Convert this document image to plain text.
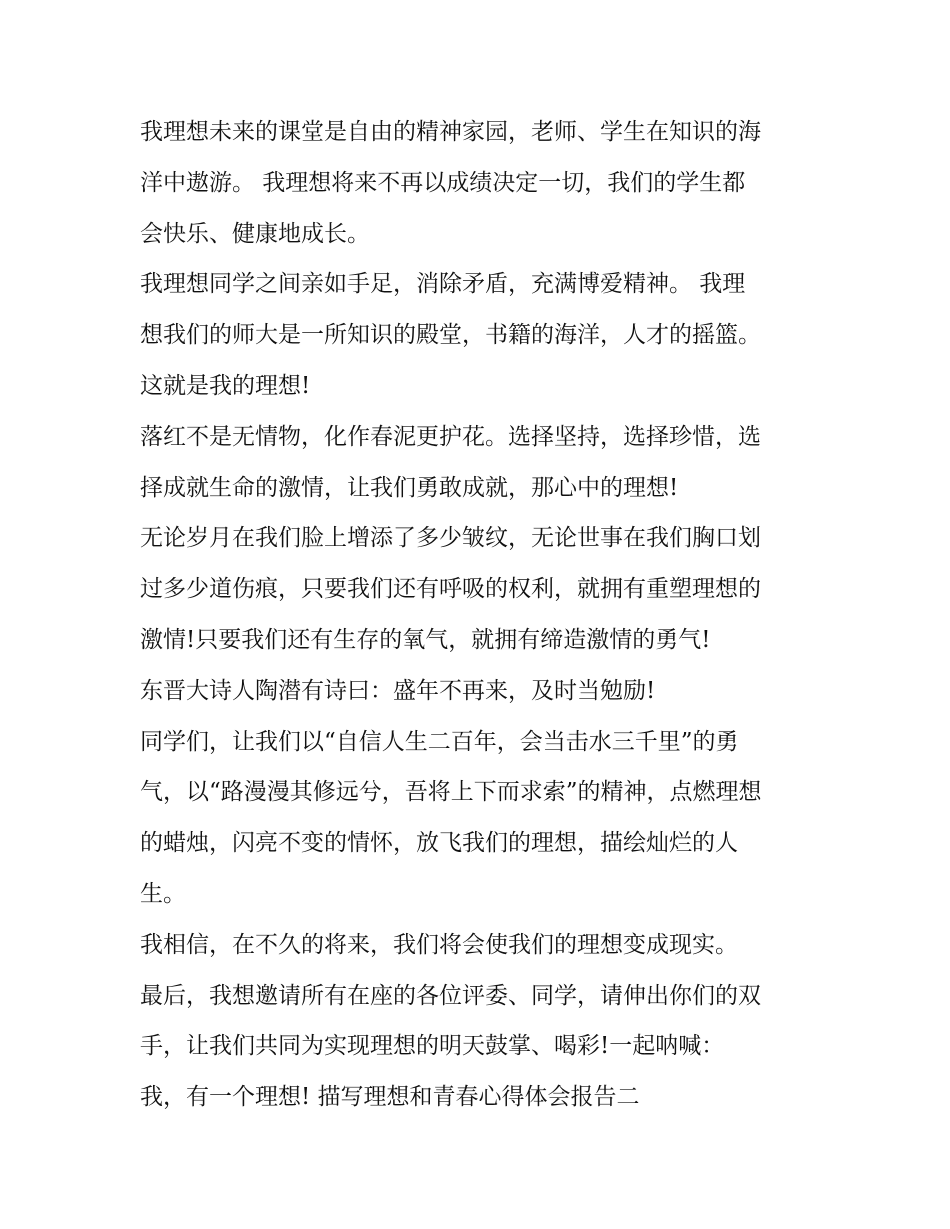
我理想未来的课堂是自由的精神家园，老师、学生在知识的海
洋中遨游。 我理想将来不再以成绩决定一切，我们的学生都
会快乐、健康地成长。
我理想同学之间亲如手足，消除矛盾，充满博爱精神。 我理
想我们的师大是一所知识的殿堂，书籍的海洋，人才的摇篮。
这就是我的理想!
落红不是无情物，化作春泥更护花。选择坚持，选择珍惜，选
择成就生命的激情，让我们勇敢成就，那心中的理想!
无论岁月在我们脸上增添了多少皱纹，无论世事在我们胸口划
过多少道伤痕，只要我们还有呼吸的权利，就拥有重塑理想的
激情!只要我们还有生存的氧气，就拥有缔造激情的勇气!
东晋大诗人陶潜有诗曰：盛年不再来，及时当勉励!
同学们，让我们以“自信人生二百年，会当击水三千里”的勇
气，以“路漫漫其修远兮，吾将上下而求索”的精神，点燃理想
的蜡烛，闪亮不变的情怀，放飞我们的理想，描绘灿烂的人
生。
我相信，在不久的将来，我们将会使我们的理想变成现实。
最后，我想邀请所有在座的各位评委、同学，请伸出你们的双
手，让我们共同为实现理想的明天鼓掌、喝彩!一起呐喊：
我，有一个理想! 描写理想和青春心得体会报告二
